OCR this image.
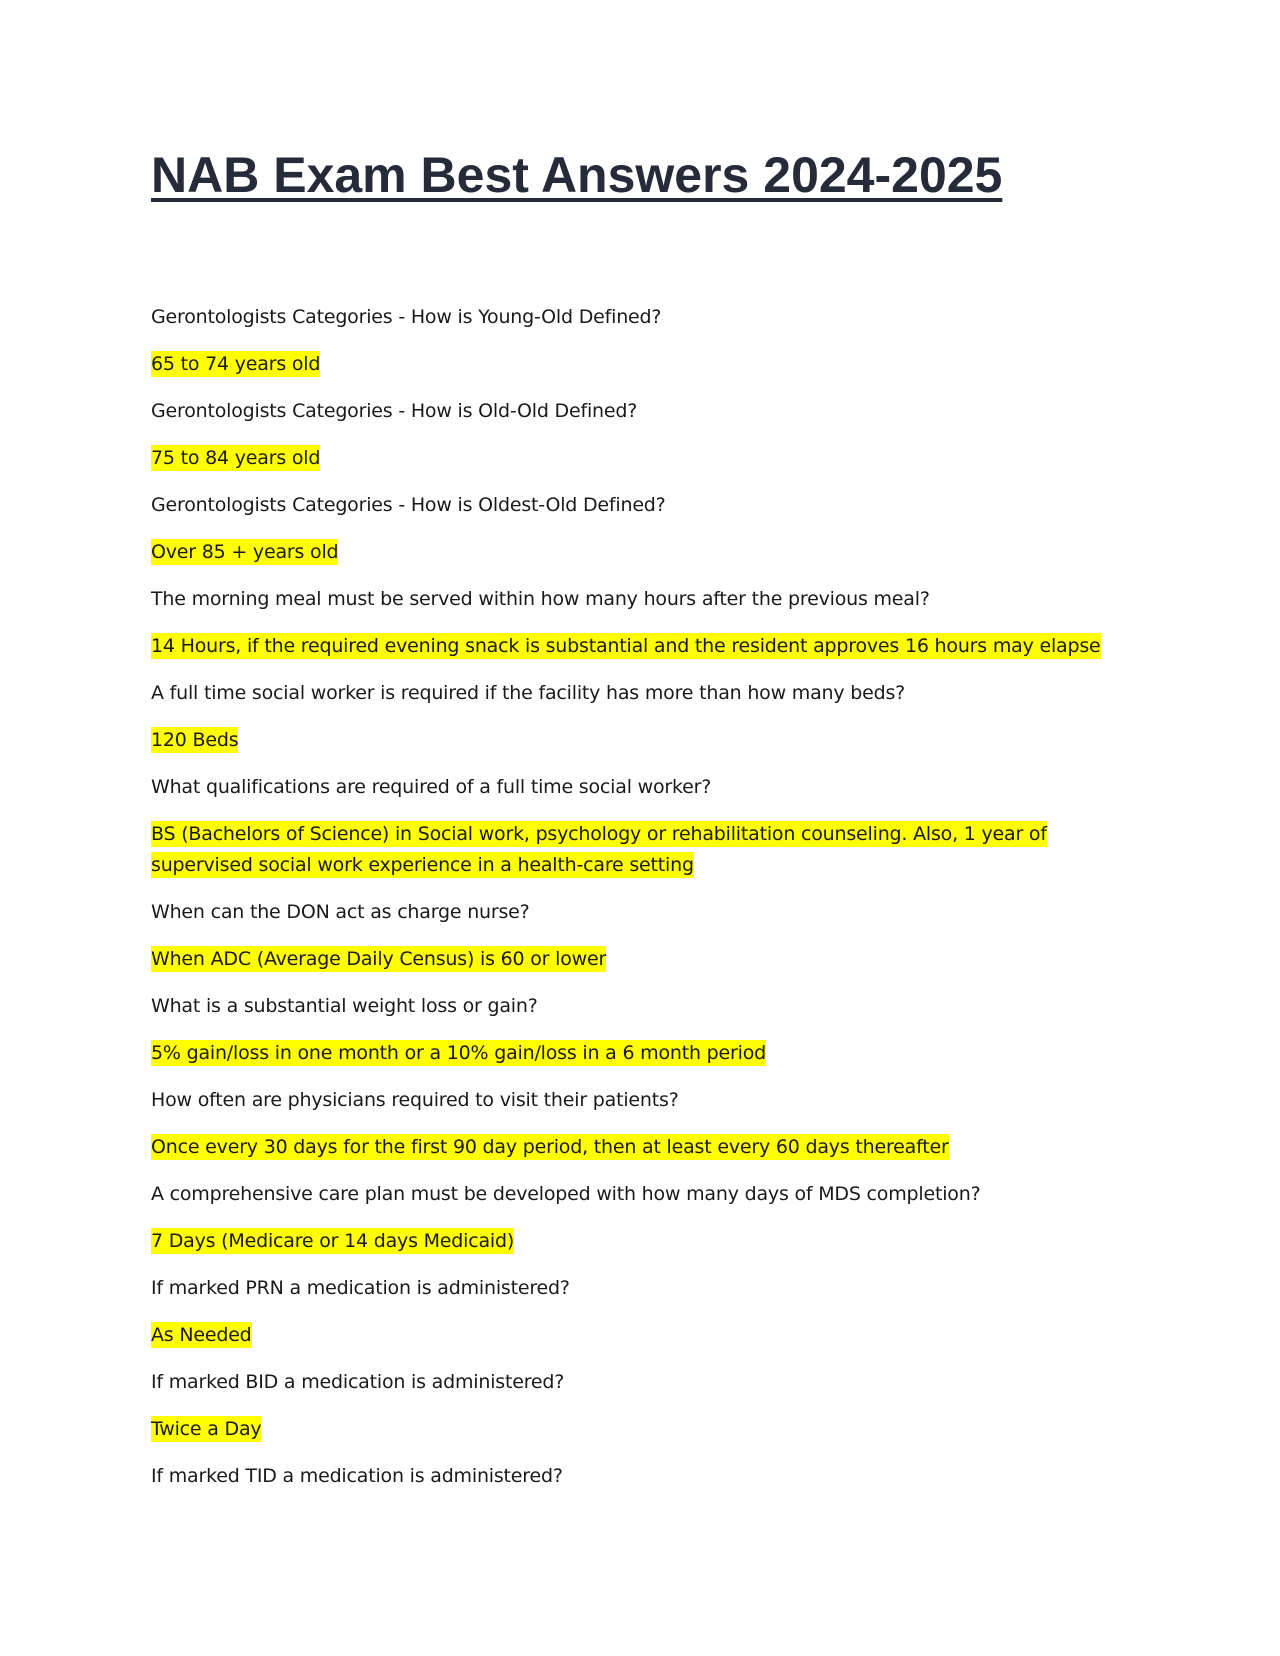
NAB Exam Best Answers 2024-2025

Gerontologists Categories - How is Young-Old Defined?

65 to 74 years old

Gerontologists Categories - How is Old-Old Defined?

75 to 84 years old

Gerontologists Categories - How is Oldest-Old Defined?

Over 85 + years old

The morning meal must be served within how many hours after the previous meal?

14 Hours, if the required evening snack is substantial and the resident approves 16 hours may elapse

A full time social worker is required if the facility has more than how many beds?

120 Beds

What qualifications are required of a full time social worker?

BS (Bachelors of Science) in Social work, psychology or rehabilitation counseling. Also, 1 year of supervised social work experience in a health-care setting

When can the DON act as charge nurse?

When ADC (Average Daily Census) is 60 or lower

What is a substantial weight loss or gain?

5% gain/loss in one month or a 10% gain/loss in a 6 month period

How often are physicians required to visit their patients?

Once every 30 days for the first 90 day period, then at least every 60 days thereafter

A comprehensive care plan must be developed with how many days of MDS completion?

7 Days (Medicare or 14 days Medicaid)

If marked PRN a medication is administered?

As Needed

If marked BID a medication is administered?

Twice a Day

If marked TID a medication is administered?
